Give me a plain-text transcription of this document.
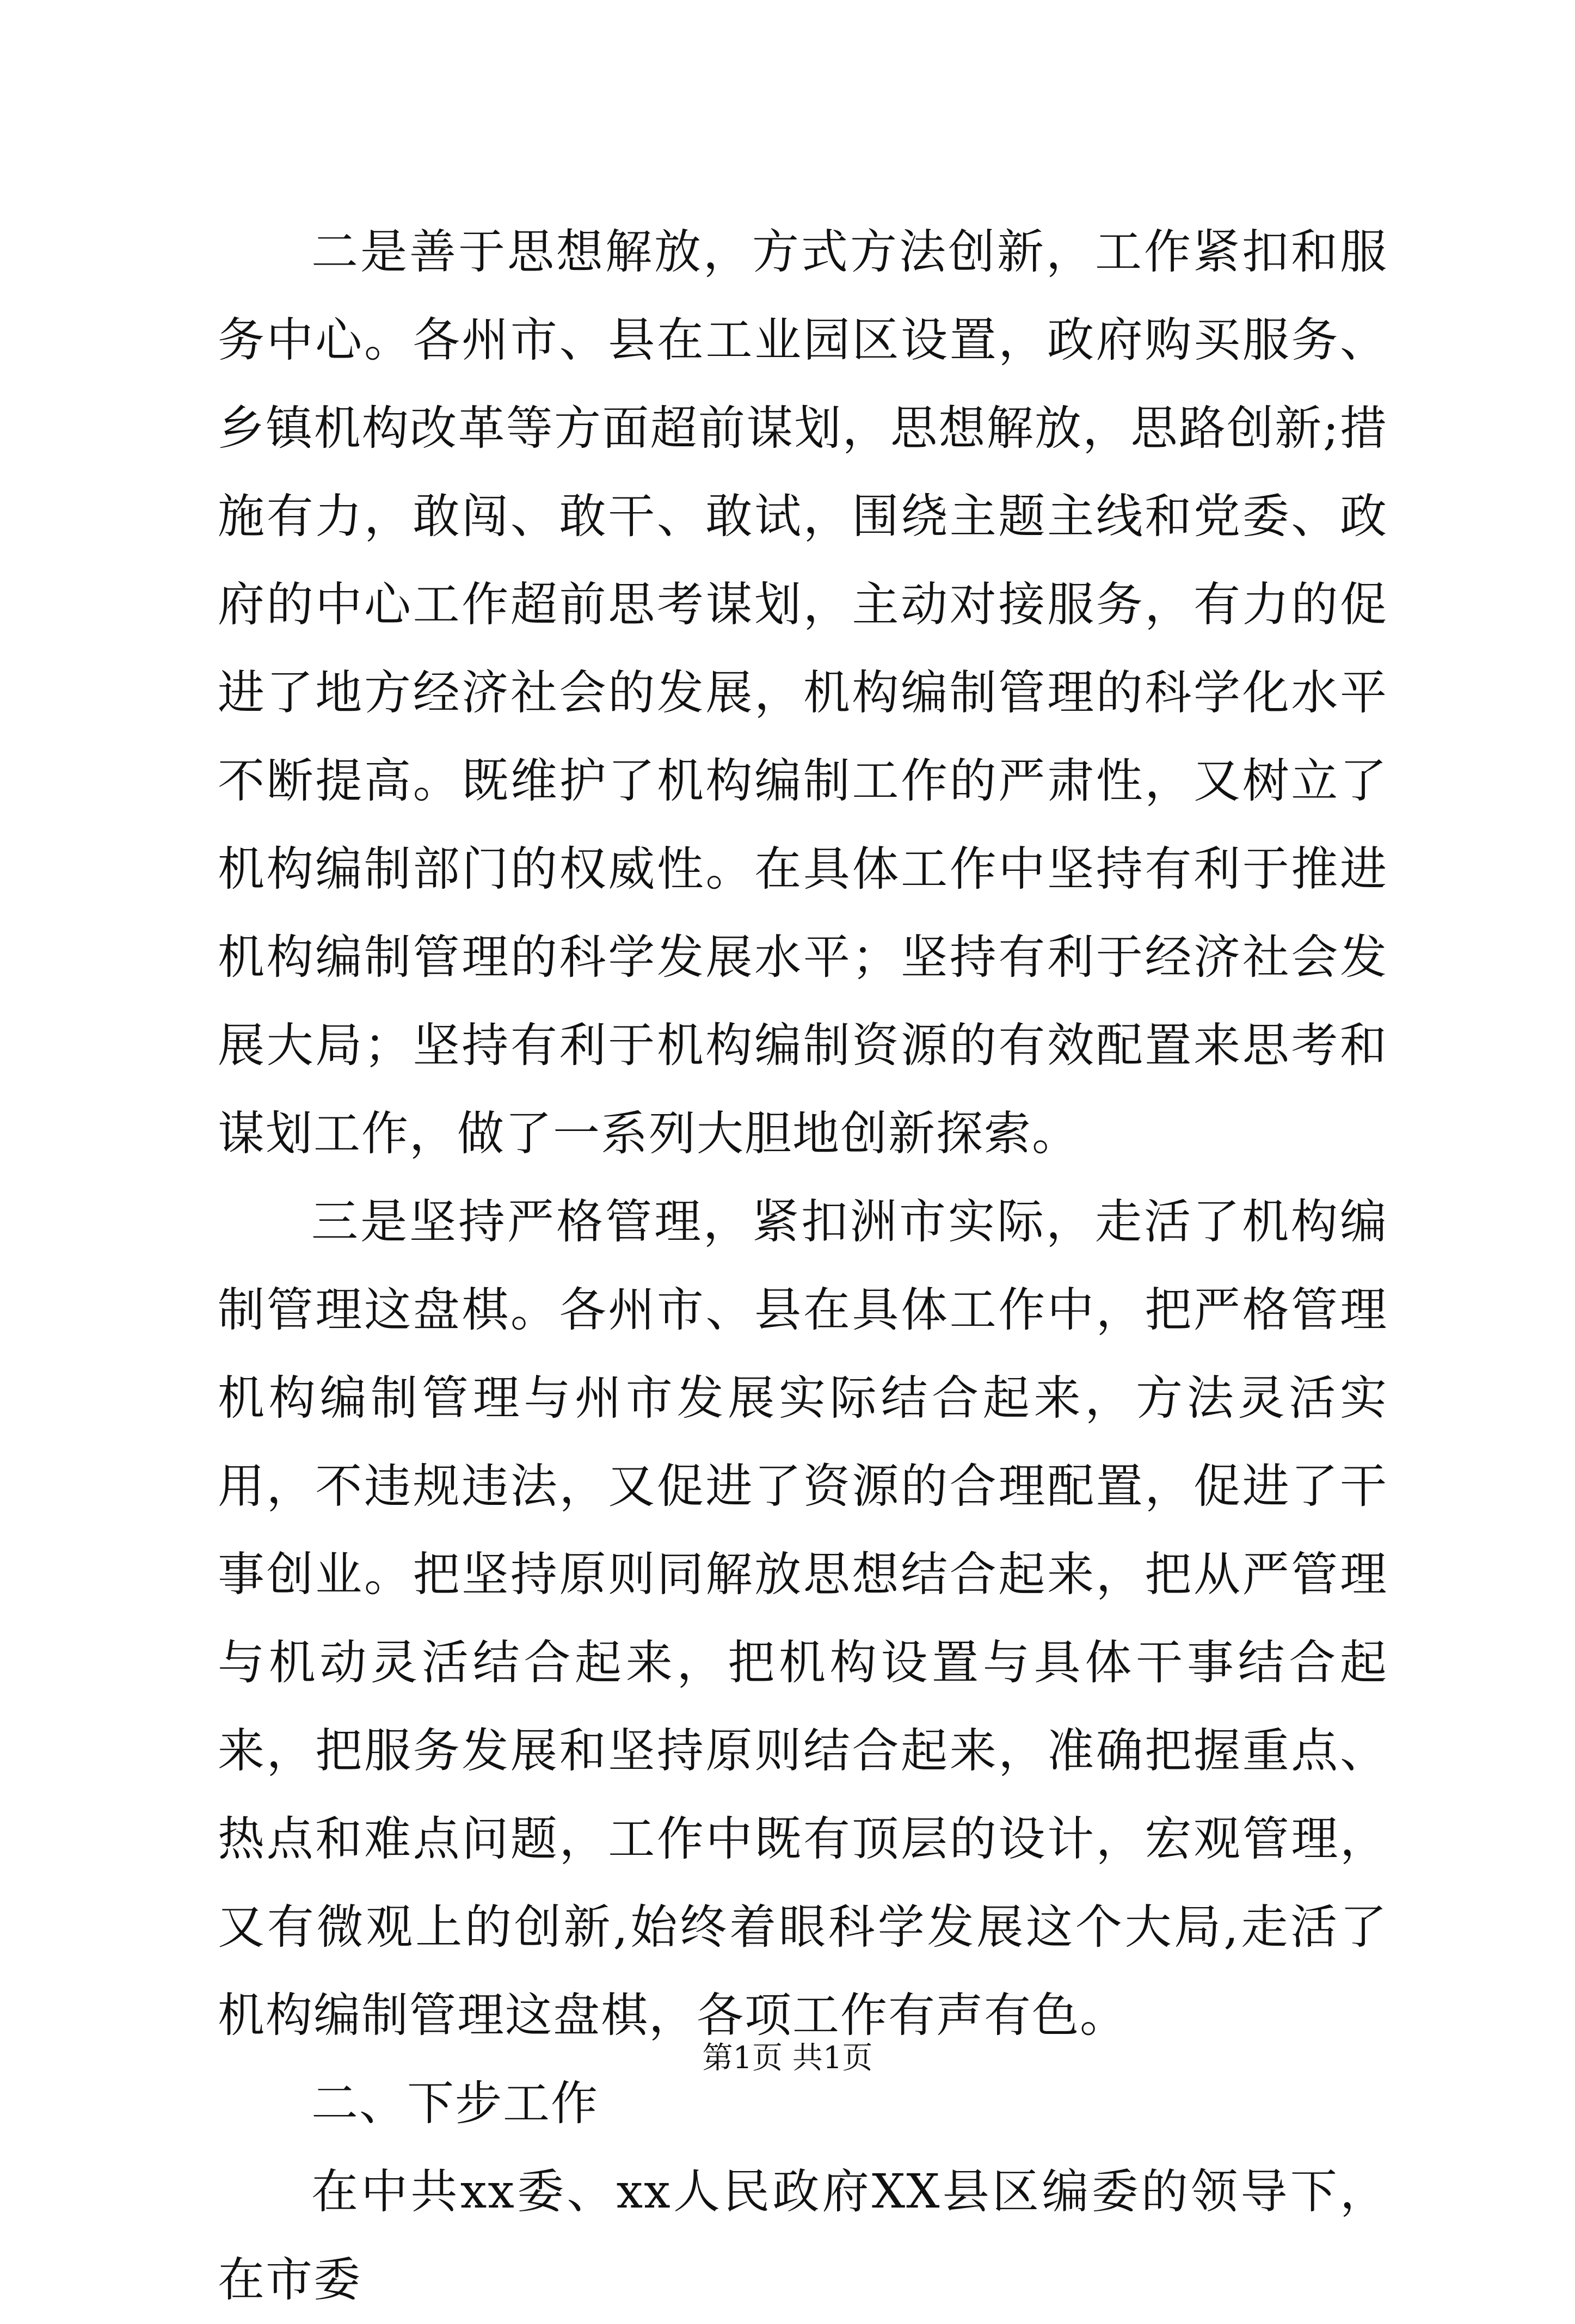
二是善于思想解放，方式方法创新，工作紧扣和服务中心。各州市、县在工业园区设置，政府购买服务、乡镇机构改革等方面超前谋划，思想解放，思路创新;措施有力，敢闯、敢干、敢试，围绕主题主线和党委、政府的中心工作超前思考谋划，主动对接服务，有力的促进了地方经济社会的发展，机构编制管理的科学化水平不断提高。既维护了机构编制工作的严肃性，又树立了机构编制部门的权威性。在具体工作中坚持有利于推进机构编制管理的科学发展水平；坚持有利于经济社会发展大局；坚持有利于机构编制资源的有效配置来思考和谋划工作，做了一系列大胆地创新探索。

三是坚持严格管理，紧扣洲市实际，走活了机构编制管理这盘棋。各州市、县在具体工作中，把严格管理机构编制管理与州市发展实际结合起来，方法灵活实用，不违规违法，又促进了资源的合理配置，促进了干事创业。把坚持原则同解放思想结合起来，把从严管理与机动灵活结合起来，把机构设置与具体干事结合起来，把服务发展和坚持原则结合起来，准确把握重点、热点和难点问题，工作中既有顶层的设计，宏观管理，又有微观上的创新,始终着眼科学发展这个大局,走活了机构编制管理这盘棋，各项工作有声有色。

二、下步工作

在中共xx委、xx人民政府XX县区编委的领导下，在市委

第1页 共1页
